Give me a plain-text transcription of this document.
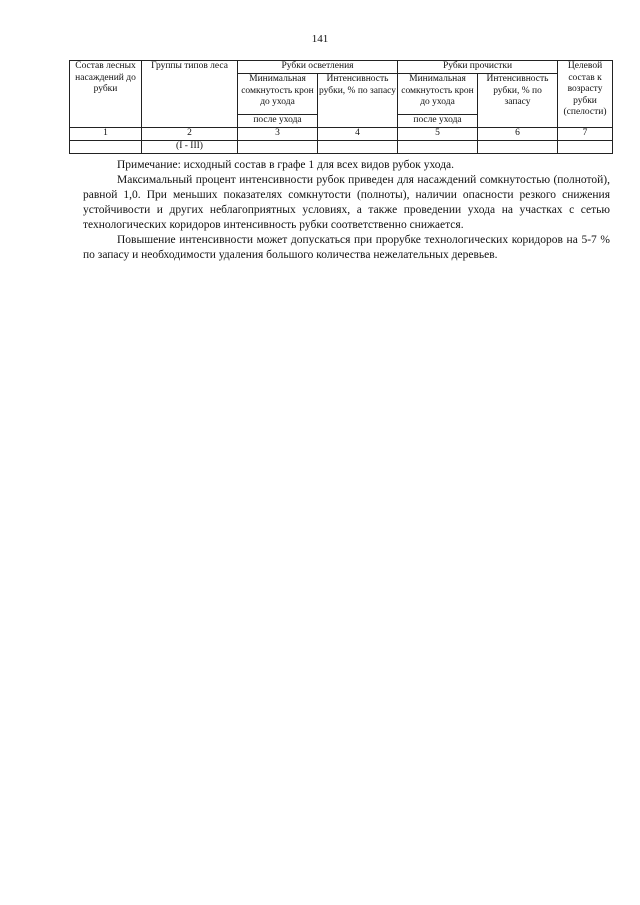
141
Состав лесных насаждений до рубки	Группы типов леса	Рубки осветления		Рубки прочистки		Целевой состав к возрасту рубки (спелости)
		Минимальная сомкнутость крон до ухода	Интенсивность рубки, % по запасу	Минимальная сомкнутость крон до ухода	Интенсивность рубки, % по запасу	
		после ухода		после ухода		
1	2	3	4	5	6	7
	(I - III)					

Примечание: исходный состав в графе 1 для всех видов рубок ухода.

Максимальный процент интенсивности рубок приведен для насаждений сомкнутостью (полнотой), равной 1,0. При меньших показателях сомкнутости (полноты), наличии опасности резкого снижения устойчивости и других неблагоприятных условиях, а также проведении ухода на участках с сетью технологических коридоров интенсивность рубки соответственно снижается.

Повышение интенсивности может допускаться при прорубке технологических коридоров на 5-7 % по запасу и необходимости удаления большого количества нежелательных деревьев.
